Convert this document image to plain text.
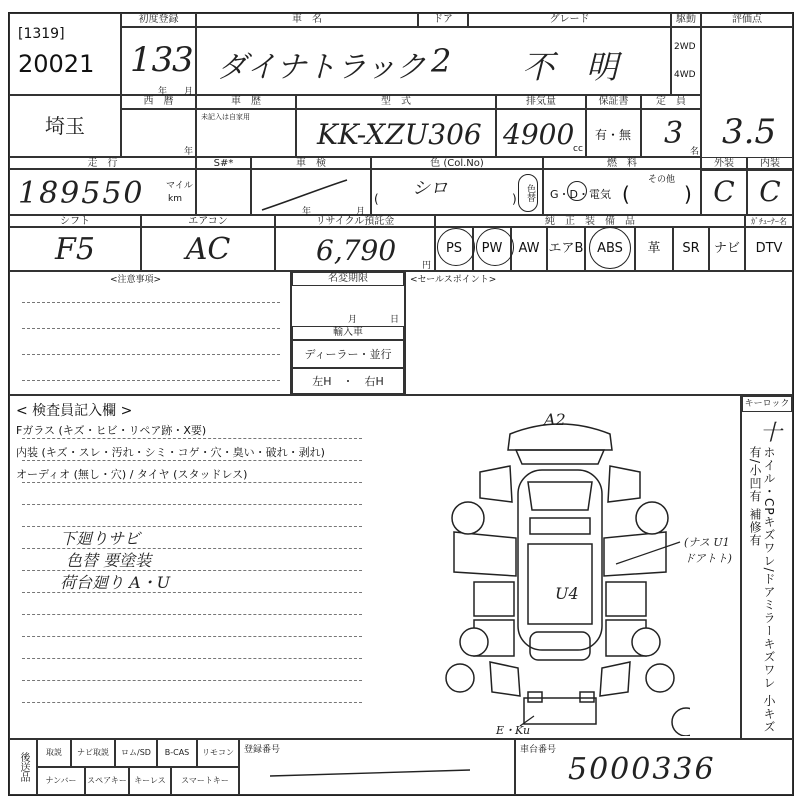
[1319]
20021
初度登録
13
3
年 月
車　名	ドア	グレード
ダイナトラック 2 不　明
駆動
2WD
4WD
評価点
3.5
埼玉
西　暦
年
車　歴
未記入は自家用
型　式
KK-XZU306
排気量
4900
cc
保証書
有・無
定　員
3
名
走　行
189550 マイル
km
S#*	車　検
年	月
色 (Col.No)
( シロ	) 色替
燃　料
G・D・電気
その他
(	)
外装	内装
C C
シフト
F5
エアコン
AC
リサイクル預託金
6,790	円
純　正　装　備　品	ｶﾞﾁｭｰﾅｰ名
PS	PW	AW エアB	ABS	革	SR	ナビ	DTV
<注意事項>	名変期限
月	日
輸入車
ディーラー・並行
左H　・　右H
<セールスポイント>
< 検査員記入欄 >
Fガラス (キズ・ヒビ・リペア跡・X要)
内装 (キズ・スレ・汚れ・シミ・コゲ・穴・臭い・破れ・剥れ)
オーディオ (無し・穴) / タイヤ (スタッドレス)
下廻りサビ
色替 要塗装
荷台廻り A・U
A2
(ナス U1 ドアトト)
U4
E・Ku
キーロック
十
ホイル・CPキズワレ/ドアミラーキズワレ 小キズ有/小凹有 補修有
後送品	取説	ナビ取説	ロム/SD	B-CAS	リモコン
ナンバー	スペアキー キーレス	スマートキー
登録番号	車台番号
5000336
